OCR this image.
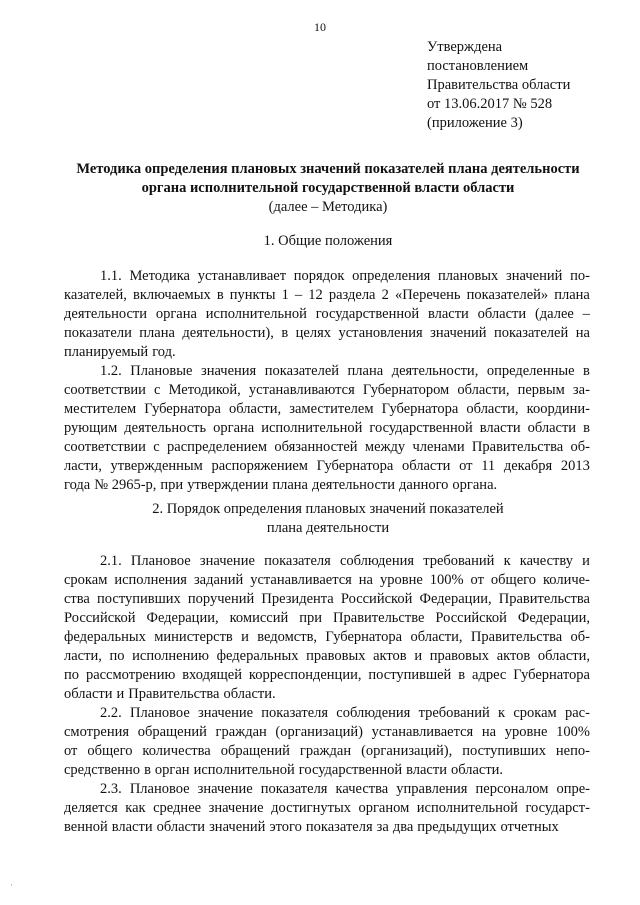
10
Утверждена
постановлением
Правительства области
от 13.06.2017 № 528
(приложение 3)
Методика определения плановых значений показателей плана деятельности
органа исполнительной государственной власти области
(далее – Методика)
1. Общие положения
1.1. Методика устанавливает порядок определения плановых значений по-
казателей, включаемых в пункты 1 – 12 раздела 2 «Перечень показателей» плана
деятельности органа исполнительной государственной власти области (далее –
показатели плана деятельности), в целях установления значений показателей на
планируемый год.
1.2. Плановые значения показателей плана деятельности, определенные в
соответствии с Методикой, устанавливаются Губернатором области, первым за-
местителем Губернатора области, заместителем Губернатора области, координи-
рующим деятельность органа исполнительной государственной власти области в
соответствии с распределением обязанностей между членами Правительства об-
ласти, утвержденным распоряжением Губернатора области от 11 декабря 2013
года № 2965-р, при утверждении плана деятельности данного органа.
2. Порядок определения плановых значений показателей
плана деятельности
2.1. Плановое значение показателя соблюдения требований к качеству и
срокам исполнения заданий устанавливается на уровне 100% от общего количе-
ства поступивших поручений Президента Российской Федерации, Правительства
Российской Федерации, комиссий при Правительстве Российской Федерации,
федеральных министерств и ведомств, Губернатора области, Правительства об-
ласти, по исполнению федеральных правовых актов и правовых актов области,
по рассмотрению входящей корреспонденции, поступившей в адрес Губернатора
области и Правительства области.
2.2. Плановое значение показателя соблюдения требований к срокам рас-
смотрения обращений граждан (организаций) устанавливается на уровне 100%
от общего количества обращений граждан (организаций), поступивших непо-
средственно в орган исполнительной государственной власти области.
2.3. Плановое значение показателя качества управления персоналом опре-
деляется как среднее значение достигнутых органом исполнительной государст-
венной власти области значений этого показателя за два предыдущих отчетных
·
